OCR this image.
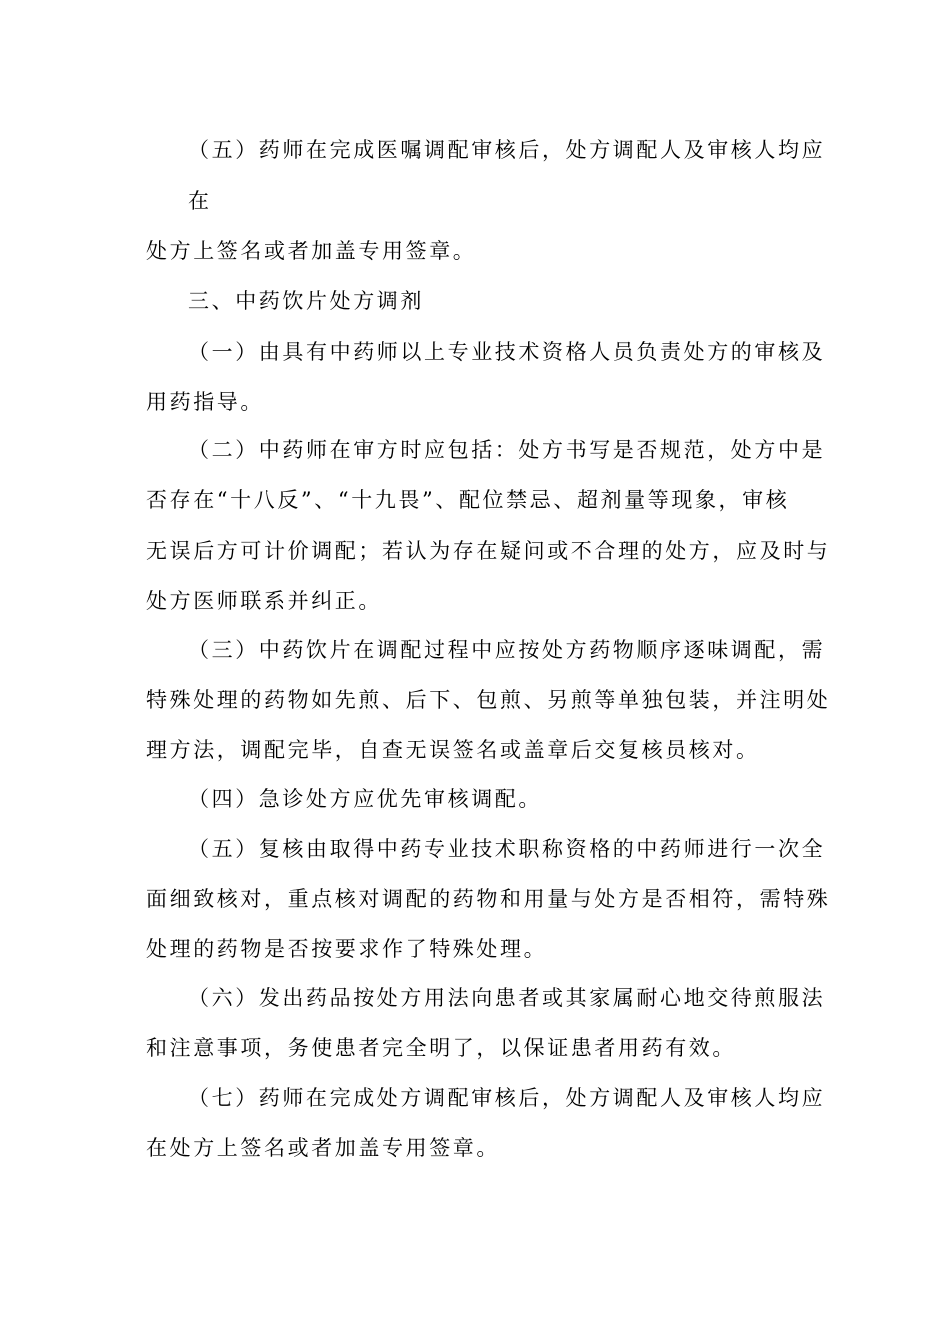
（五）药师在完成医嘱调配审核后，处方调配人及审核人均应
在
处方上签名或者加盖专用签章。
三、中药饮片处方调剂
（一）由具有中药师以上专业技术资格人员负责处方的审核及
用药指导。
（二）中药师在审方时应包括：处方书写是否规范，处方中是
否存在“十八反”、“十九畏”、配位禁忌、超剂量等现象，审核
无误后方可计价调配；若认为存在疑问或不合理的处方，应及时与
处方医师联系并纠正。
（三）中药饮片在调配过程中应按处方药物顺序逐味调配，需
特殊处理的药物如先煎、后下、包煎、另煎等单独包装，并注明处
理方法，调配完毕，自查无误签名或盖章后交复核员核对。
（四）急诊处方应优先审核调配。
（五）复核由取得中药专业技术职称资格的中药师进行一次全
面细致核对，重点核对调配的药物和用量与处方是否相符，需特殊
处理的药物是否按要求作了特殊处理。
（六）发出药品按处方用法向患者或其家属耐心地交待煎服法
和注意事项，务使患者完全明了，以保证患者用药有效。
（七）药师在完成处方调配审核后，处方调配人及审核人均应
在处方上签名或者加盖专用签章。
